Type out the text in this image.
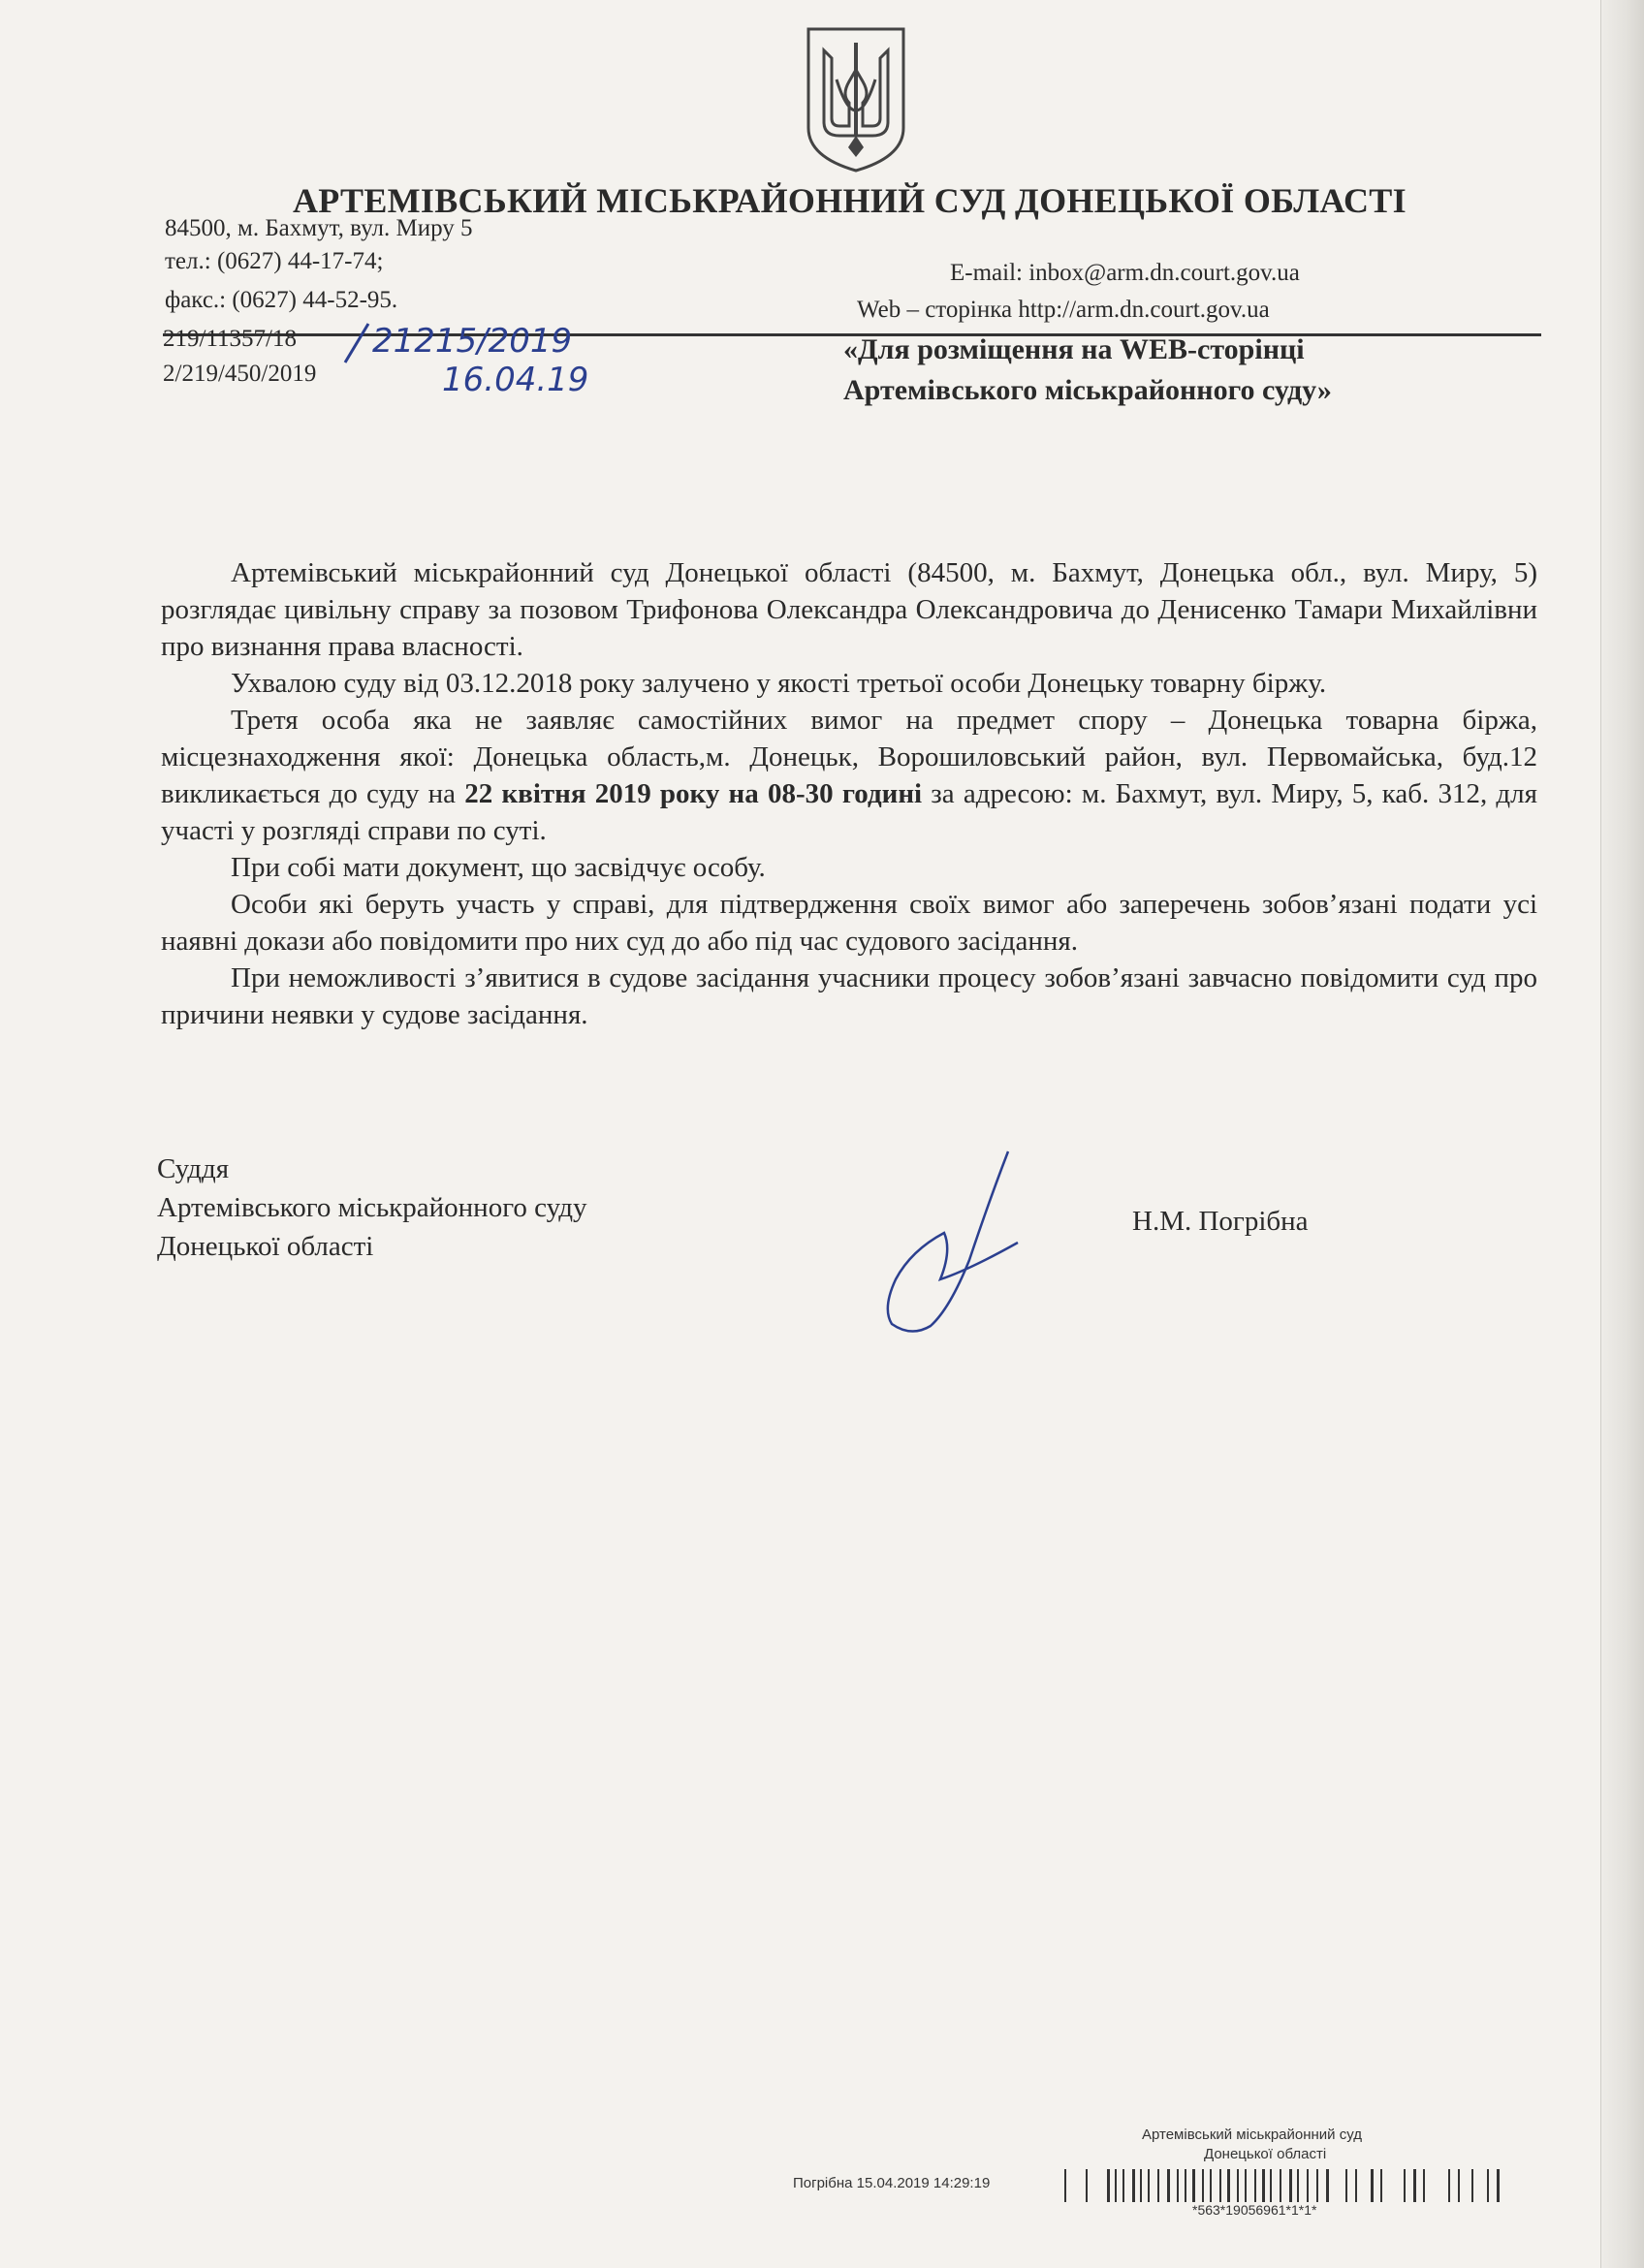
АРТЕМІВСЬКИЙ МІСЬКРАЙОННИЙ СУД ДОНЕЦЬКОЇ ОБЛАСТІ
84500, м. Бахмут, вул. Миру 5
тел.: (0627) 44-17-74;
факс.: (0627) 44-52-95.
E-mail: inbox@arm.dn.court.gov.ua
Web – сторінка http://arm.dn.court.gov.ua
219/11357/18
2/219/450/2019
21215/2019
16.04.19
«Для розміщення на WEB-сторінці
Артемівського міськрайонного суду»

Артемівський міськрайонний суд Донецької області (84500, м. Бахмут, Донецька обл., вул. Миру, 5) розглядає цивільну справу за позовом Трифонова Олександра Олександровича до Денисенко Тамари Михайлівни про визнання права власності.

Ухвалою суду від 03.12.2018 року залучено у якості третьої особи Донецьку товарну біржу.

Третя особа яка не заявляє самостійних вимог на предмет спору – Донецька товарна біржа, місцезнаходження якої: Донецька область,м. Донецьк, Ворошиловський район, вул. Первомайська, буд.12 викликається до суду на 22 квітня 2019 року на 08-30 годині за адресою: м. Бахмут, вул. Миру, 5, каб. 312, для участі у розгляді справи по суті.

При собі мати документ, що засвідчує особу.

Особи які беруть участь у справі, для підтвердження своїх вимог або заперечень зобов’язані подати усі наявні докази або повідомити про них суд до або під час судового засідання.

При неможливості з’явитися в судове засідання учасники процесу зобов’язані завчасно повідомити суд про причини неявки у судове засідання.

Суддя
Артемівського міськрайонного суду
Донецької області
Н.М. Погрібна
Артемівський міськрайонний суд
Донецької області
Погрібна 15.04.2019 14:29:19
*563*19056961*1*1*
